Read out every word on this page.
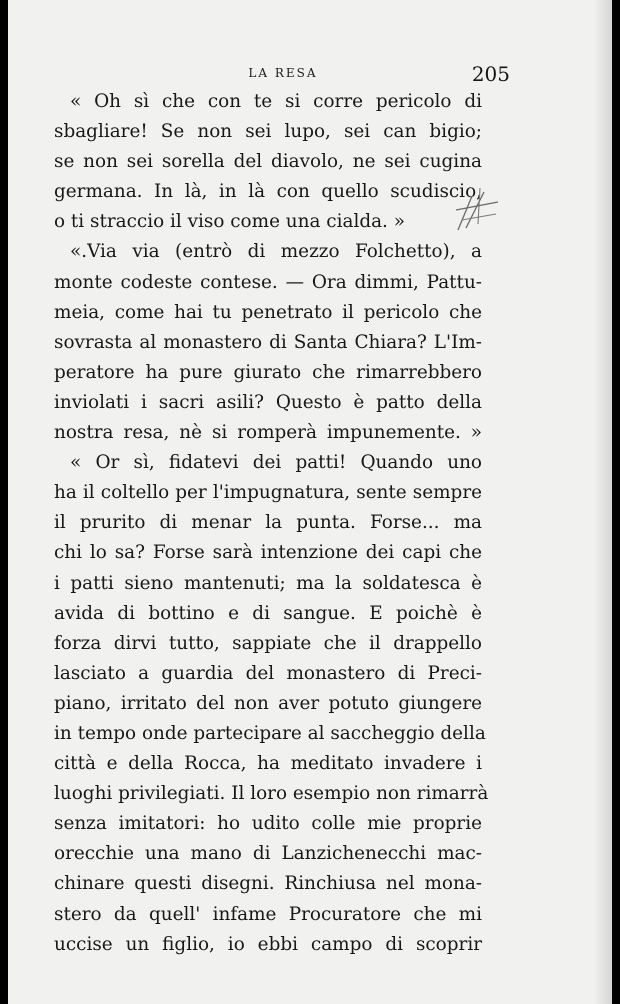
LA RESA	205
« Oh sì che con te si corre pericolo di
sbagliare! Se non sei lupo, sei can bigio;
se non sei sorella del diavolo, ne sei cugina
germana. In là, in là con quello scudiscio,
o ti straccio il viso come una cialda. »
«.Via via (entrò di mezzo Folchetto), a
monte codeste contese. — Ora dimmi, Pattu-
meia, come hai tu penetrato il pericolo che
sovrasta al monastero di Santa Chiara? L'Im-
peratore ha pure giurato che rimarrebbero
inviolati i sacri asili? Questo è patto della
nostra resa, nè si romperà impunemente. »
« Or sì, fidatevi dei patti! Quando uno
ha il coltello per l'impugnatura, sente sempre
il prurito di menar la punta. Forse... ma
chi lo sa? Forse sarà intenzione dei capi che
i patti sieno mantenuti; ma la soldatesca è
avida di bottino e di sangue. E poichè è
forza dirvi tutto, sappiate che il drappello
lasciato a guardia del monastero di Preci-
piano, irritato del non aver potuto giungere
in tempo onde partecipare al saccheggio della
città e della Rocca, ha meditato invadere i
luoghi privilegiati. Il loro esempio non rimarrà
senza imitatori: ho udito colle mie proprie
orecchie una mano di Lanzichenecchi mac-
chinare questi disegni. Rinchiusa nel mona-
stero da quell' infame Procuratore che mi
uccise un figlio, io ebbi campo di scoprir
